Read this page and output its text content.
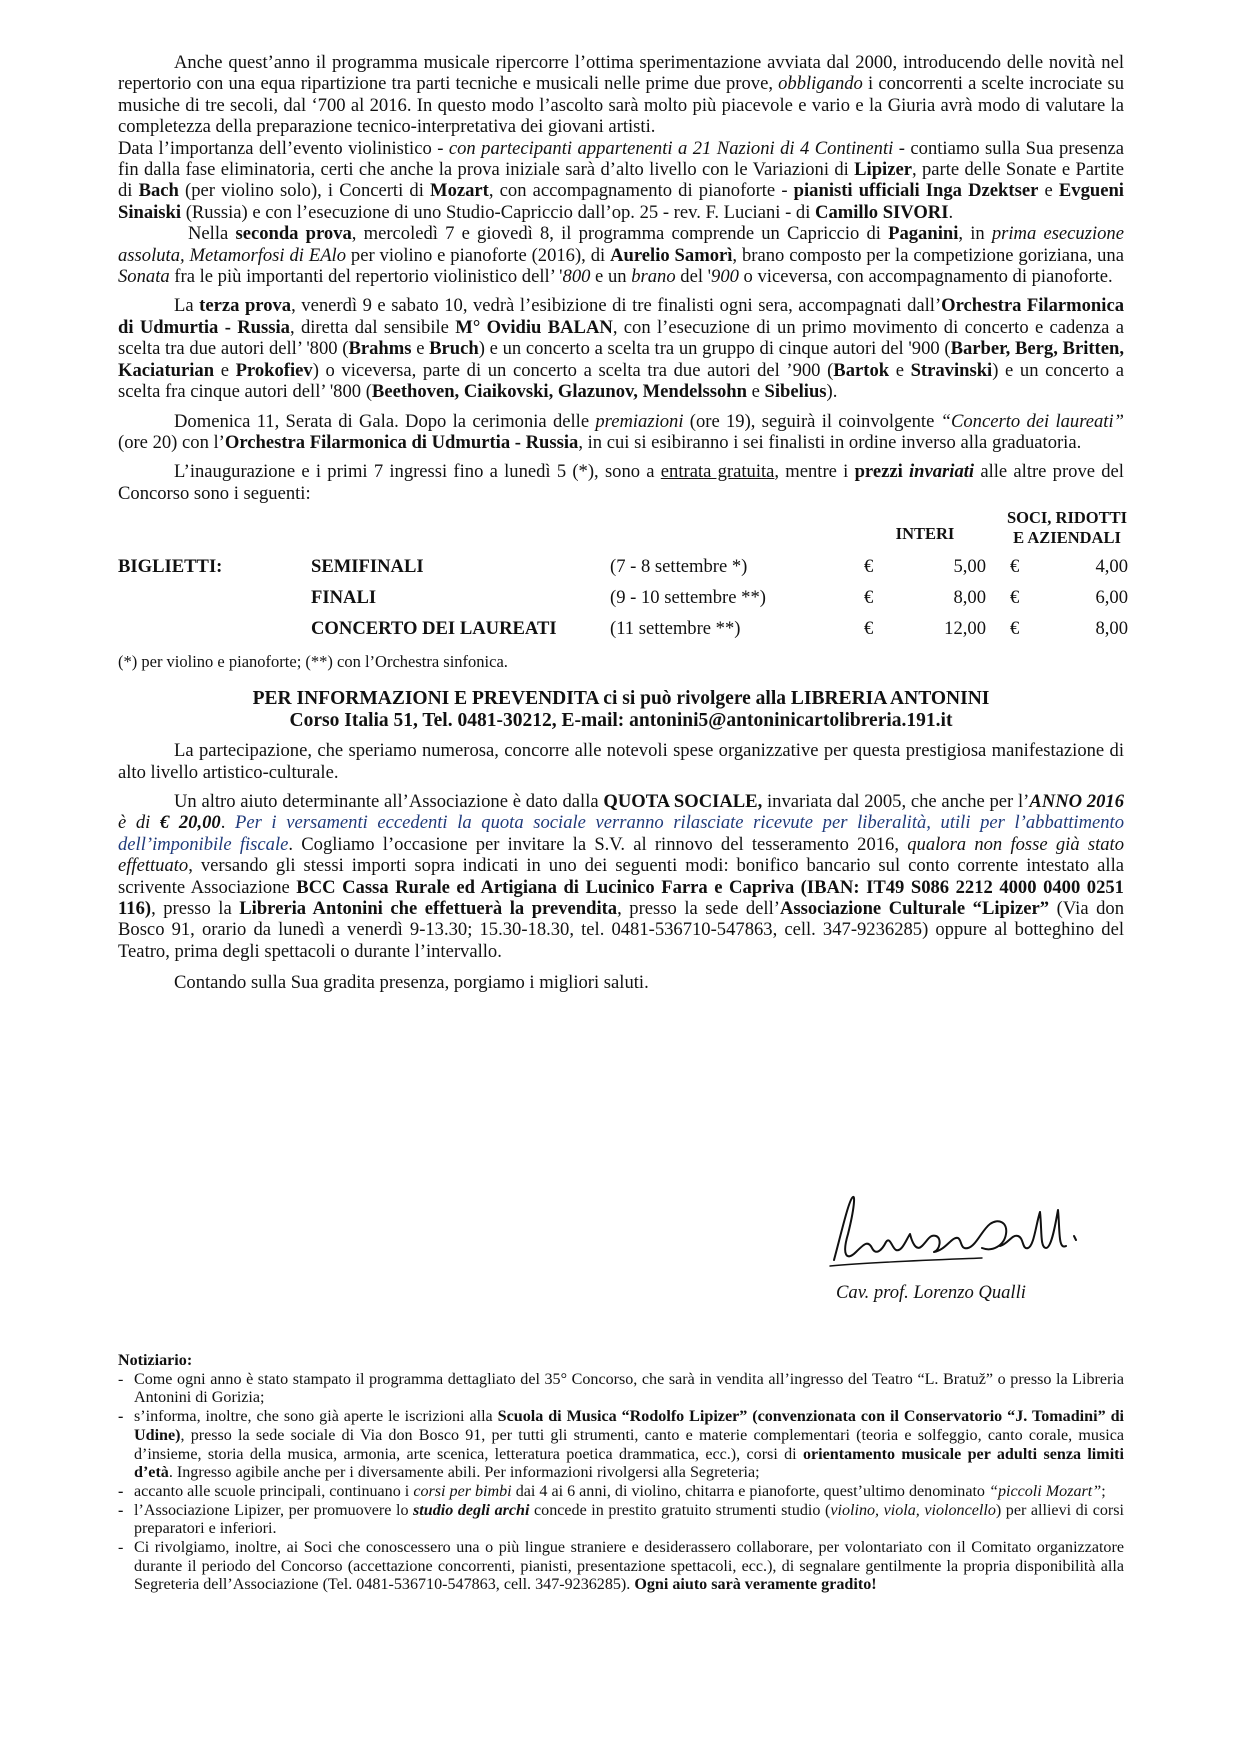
Anche quest’anno il programma musicale ripercorre l’ottima sperimentazione avviata dal 2000, introducendo delle novità nel repertorio con una equa ripartizione tra parti tecniche e musicali nelle prime due prove, obbligando i concorrenti a scelte incrociate su musiche di tre secoli, dal ‘700 al 2016. In questo modo l’ascolto sarà molto più piacevole e vario e la Giuria avrà modo di valutare la completezza della preparazione tecnico-interpretativa dei giovani artisti.

Data l’importanza dell’evento violinistico - con partecipanti appartenenti a 21 Nazioni di 4 Continenti - contiamo sulla Sua presenza fin dalla fase eliminatoria, certi che anche la prova iniziale sarà d’alto livello con le Variazioni di Lipizer, parte delle Sonate e Partite di Bach (per violino solo), i Concerti di Mozart, con accompagnamento di pianoforte - pianisti ufficiali Inga Dzektser e Evgueni Sinaiski (Russia) e con l’esecuzione di uno Studio-Capriccio dall’op. 25 - rev. F. Luciani - di Camillo SIVORI.

Nella seconda prova, mercoledì 7 e giovedì 8, il programma comprende un Capriccio di Paganini, in prima esecuzione assoluta, Metamorfosi di EAlo per violino e pianoforte (2016), di Aurelio Samorì, brano composto per la competizione goriziana, una Sonata fra le più importanti del repertorio violinistico dell’ '800 e un brano del '900 o viceversa, con accompagnamento di pianoforte.

La terza prova, venerdì 9 e sabato 10, vedrà l’esibizione di tre finalisti ogni sera, accompagnati dall’Orchestra Filarmonica di Udmurtia - Russia, diretta dal sensibile M° Ovidiu BALAN, con l’esecuzione di un primo movimento di concerto e cadenza a scelta tra due autori dell’ '800 (Brahms e Bruch) e un concerto a scelta tra un gruppo di cinque autori del '900 (Barber, Berg, Britten, Kaciaturian e Prokofiev) o viceversa, parte di un concerto a scelta tra due autori del ’900 (Bartok e Stravinski) e un concerto a scelta fra cinque autori dell’ '800 (Beethoven, Ciaikovski, Glazunov, Mendelssohn e Sibelius).

Domenica 11, Serata di Gala. Dopo la cerimonia delle premiazioni (ore 19), seguirà il coinvolgente “Concerto dei laureati” (ore 20) con l’Orchestra Filarmonica di Udmurtia - Russia, in cui si esibiranno i sei finalisti in ordine inverso alla graduatoria.

L’inaugurazione e i primi 7 ingressi fino a lunedì 5 (*), sono a entrata gratuita, mentre i prezzi invariati alle altre prove del Concorso sono i seguenti:

INTERI
SOCI, RIDOTTI
E AZIENDALI
BIGLIETTI:	SEMIFINALI	(7 - 8 settembre *)	€	5,00 €	4,00
FINALI	(9 - 10 settembre **)	€	8,00 €	6,00
CONCERTO DEI LAUREATI	(11 settembre **)	€	12,00 €	8,00

(*) per violino e pianoforte; (**) con l’Orchestra sinfonica.

PER INFORMAZIONI E PREVENDITA ci si può rivolgere alla LIBRERIA ANTONINI
Corso Italia 51, Tel. 0481-30212, E-mail: antonini5@antoninicartolibreria.191.it

La partecipazione, che speriamo numerosa, concorre alle notevoli spese organizzative per questa prestigiosa manifestazione di alto livello artistico-culturale.

Un altro aiuto determinante all’Associazione è dato dalla QUOTA SOCIALE, invariata dal 2005, che anche per l’ANNO 2016 è di € 20,00. Per i versamenti eccedenti la quota sociale verranno rilasciate ricevute per liberalità, utili per l’abbattimento dell’imponibile fiscale. Cogliamo l’occasione per invitare la S.V. al rinnovo del tesseramento 2016, qualora non fosse già stato effettuato, versando gli stessi importi sopra indicati in uno dei seguenti modi: bonifico bancario sul conto corrente intestato alla scrivente Associazione BCC Cassa Rurale ed Artigiana di Lucinico Farra e Capriva (IBAN: IT49 S086 2212 4000 0400 0251 116), presso la Libreria Antonini che effettuerà la prevendita, presso la sede dell’Associazione Culturale “Lipizer” (Via don Bosco 91, orario da lunedì a venerdì 9-13.30; 15.30-18.30, tel. 0481-536710-547863, cell. 347-9236285) oppure al botteghino del Teatro, prima degli spettacoli o durante l’intervallo.

Contando sulla Sua gradita presenza, porgiamo i migliori saluti.

Cav. prof. Lorenzo Qualli
Notiziario:
- Come ogni anno è stato stampato il programma dettagliato del 35° Concorso, che sarà in vendita all’ingresso del Teatro “L. Bratuž” o presso la Libreria Antonini di Gorizia;
- s’informa, inoltre, che sono già aperte le iscrizioni alla Scuola di Musica “Rodolfo Lipizer” (convenzionata con il Conservatorio “J. Tomadini” di Udine), presso la sede sociale di Via don Bosco 91, per tutti gli strumenti, canto e materie complementari (teoria e solfeggio, canto corale, musica d’insieme, storia della musica, armonia, arte scenica, letteratura poetica drammatica, ecc.), corsi di orientamento musicale per adulti senza limiti d’età. Ingresso agibile anche per i diversamente abili. Per informazioni rivolgersi alla Segreteria;
- accanto alle scuole principali, continuano i corsi per bimbi dai 4 ai 6 anni, di violino, chitarra e pianoforte, quest’ultimo denominato “piccoli Mozart”;
- l’Associazione Lipizer, per promuovere lo studio degli archi concede in prestito gratuito strumenti studio (violino, viola, violoncello) per allievi di corsi preparatori e inferiori.
- Ci rivolgiamo, inoltre, ai Soci che conoscessero una o più lingue straniere e desiderassero collaborare, per volontariato con il Comitato organizzatore durante il periodo del Concorso (accettazione concorrenti, pianisti, presentazione spettacoli, ecc.), di segnalare gentilmente la propria disponibilità alla Segreteria dell’Associazione (Tel. 0481-536710-547863, cell. 347-9236285). Ogni aiuto sarà veramente gradito!
